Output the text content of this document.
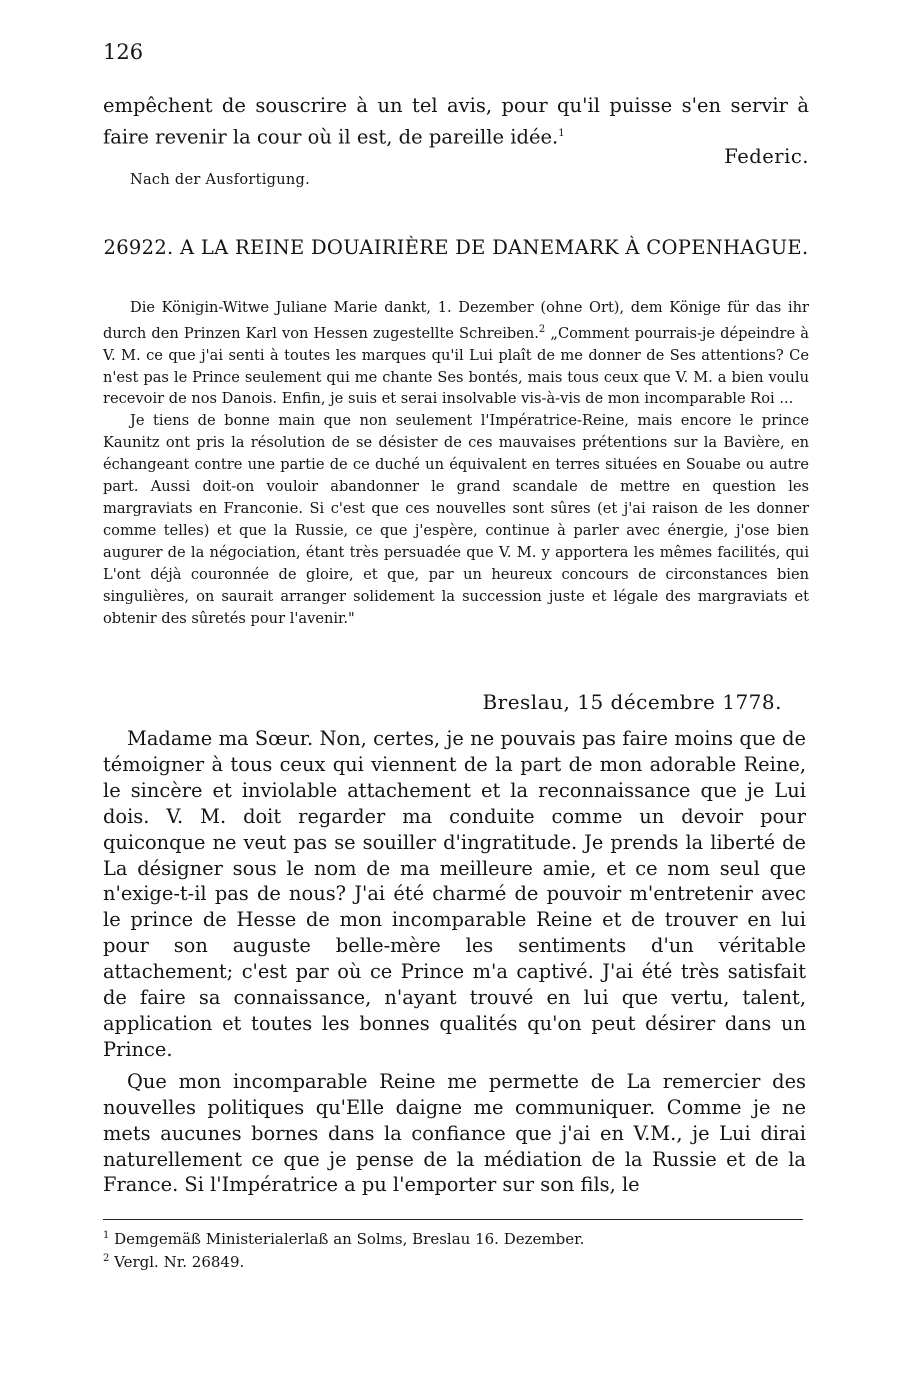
126
empêchent de souscrire à un tel avis, pour qu'il puisse s'en servir à faire revenir la cour où il est, de pareille idée.$^1$
Federic.
Nach der Ausfortigung.
26922. A LA REINE DOUAIRIÈRE DE DANEMARK À COPENHAGUE.

Die Königin-Witwe Juliane Marie dankt, 1. Dezember (ohne Ort), dem Könige für das ihr durch den Prinzen Karl von Hessen zugestellte Schreiben.$^2$ „Comment pourrais-je dépeindre à V. M. ce que j'ai senti à toutes les marques qu'il Lui plaît de me donner de Ses attentions? Ce n'est pas le Prince seulement qui me chante Ses bontés, mais tous ceux que V. M. a bien voulu recevoir de nos Danois. Enfin, je suis et serai insolvable vis-à-vis de mon incomparable Roi ...

Je tiens de bonne main que non seulement l'Impératrice-Reine, mais encore le prince Kaunitz ont pris la résolution de se désister de ces mauvaises prétentions sur la Bavière, en échangeant contre une partie de ce duché un équivalent en terres situées en Souabe ou autre part. Aussi doit-on vouloir abandonner le grand scandale de mettre en question les margraviats en Franconie. Si c'est que ces nouvelles sont sûres (et j'ai raison de les donner comme telles) et que la Russie, ce que j'espère, continue à parler avec énergie, j'ose bien augurer de la négociation, étant très persuadée que V. M. y apportera les mêmes facilités, qui L'ont déjà couronnée de gloire, et que, par un heureux concours de circonstances bien singulières, on saurait arranger solidement la succession juste et légale des margraviats et obtenir des sûretés pour l'avenir."

Breslau, 15 décembre 1778.

Madame ma Sœur. Non, certes, je ne pouvais pas faire moins que de témoigner à tous ceux qui viennent de la part de mon adorable Reine, le sincère et inviolable attachement et la reconnaissance que je Lui dois. V. M. doit regarder ma conduite comme un devoir pour quiconque ne veut pas se souiller d'ingratitude. Je prends la liberté de La désigner sous le nom de ma meilleure amie, et ce nom seul que n'exige-t-il pas de nous? J'ai été charmé de pouvoir m'entretenir avec le prince de Hesse de mon incomparable Reine et de trouver en lui pour son auguste belle-mère les sentiments d'un véritable attachement; c'est par où ce Prince m'a captivé. J'ai été très satisfait de faire sa connaissance, n'ayant trouvé en lui que vertu, talent, application et toutes les bonnes qualités qu'on peut désirer dans un Prince.

Que mon incomparable Reine me permette de La remercier des nouvelles politiques qu'Elle daigne me communiquer. Comme je ne mets aucunes bornes dans la confiance que j'ai en V.M., je Lui dirai naturellement ce que je pense de la médiation de la Russie et de la France. Si l'Impératrice a pu l'emporter sur son fils, le

$^1$ Demgemäß Ministerialerlaß an Solms, Breslau 16. Dezember.
$^2$ Vergl. Nr. 26849.
